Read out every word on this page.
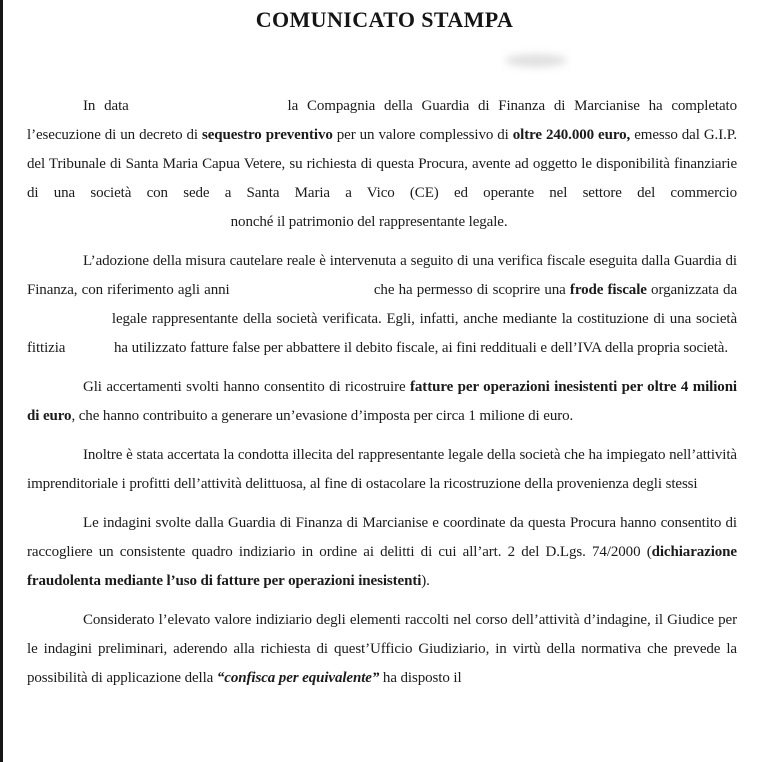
COMUNICATO STAMPA

In data	la Compagnia della Guardia di Finanza di Marcianise ha completato l’esecuzione di un decreto di sequestro preventivo per un valore complessivo di oltre 240.000 euro, emesso dal G.I.P. del Tribunale di Santa Maria Capua Vetere, su richiesta di questa Procura, avente ad oggetto le disponibilità finanziarie di una società con sede a Santa Maria a Vico (CE) ed operante nel settore del commercio nonché il patrimonio del rappresentante legale.

L’adozione della misura cautelare reale è intervenuta a seguito di una verifica fiscale eseguita dalla Guardia di Finanza, con riferimento agli anni	che ha permesso di scoprire una frode fiscale organizzata da legale rappresentante della società verificata. Egli, infatti, anche mediante la costituzione di una società fittizia	ha utilizzato fatture false per abbattere il debito fiscale, ai fini reddituali e dell’IVA della propria società.

Gli accertamenti svolti hanno consentito di ricostruire fatture per operazioni inesistenti per oltre 4 milioni di euro, che hanno contribuito a generare un’evasione d’imposta per circa 1 milione di euro.

Inoltre è stata accertata la condotta illecita del rappresentante legale della società che ha impiegato nell’attività imprenditoriale i profitti dell’attività delittuosa, al fine di ostacolare la ricostruzione della provenienza degli stessi

Le indagini svolte dalla Guardia di Finanza di Marcianise e coordinate da questa Procura hanno consentito di raccogliere un consistente quadro indiziario in ordine ai delitti di cui all’art. 2 del D.Lgs. 74/2000 (dichiarazione fraudolenta mediante l’uso di fatture per operazioni inesistenti).

Considerato l’elevato valore indiziario degli elementi raccolti nel corso dell’attività d’indagine, il Giudice per le indagini preliminari, aderendo alla richiesta di quest’Ufficio Giudiziario, in virtù della normativa che prevede la possibilità di applicazione della “confisca per equivalente” ha disposto il
